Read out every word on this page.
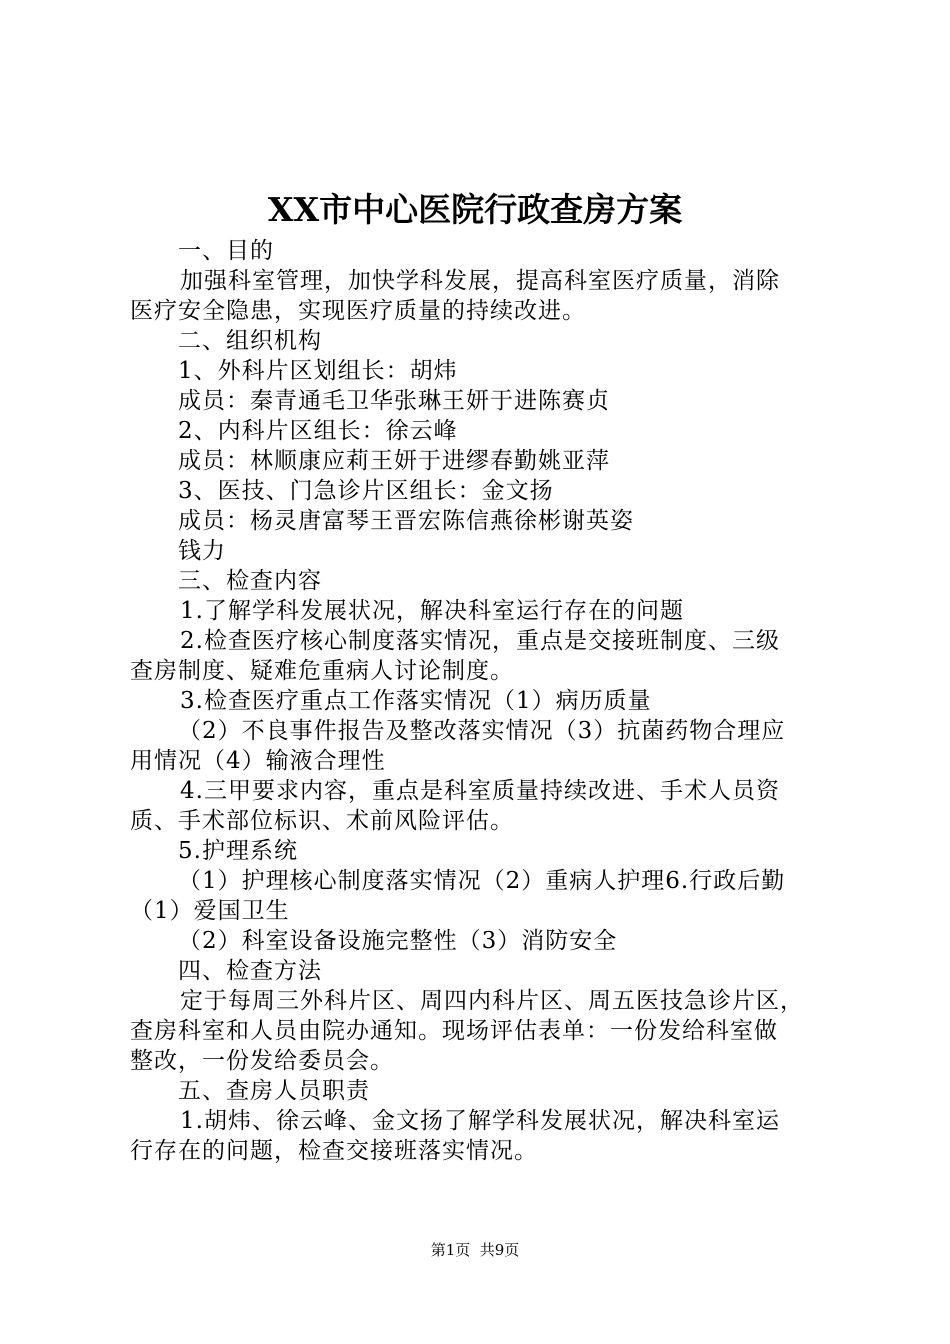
XX市中心医院行政查房方案
一、目的
加强科室管理，加快学科发展，提高科室医疗质量，消除
医疗安全隐患，实现医疗质量的持续改进。
二、组织机构
1、外科片区划组长：胡炜
成员：秦青通毛卫华张琳王妍于进陈赛贞
2、内科片区组长：徐云峰
成员：林顺康应莉王妍于进缪春勤姚亚萍
3、医技、门急诊片区组长：金文扬
成员：杨灵唐富琴王晋宏陈信燕徐彬谢英姿
钱力
三、检查内容
1.了解学科发展状况，解决科室运行存在的问题
2.检查医疗核心制度落实情况，重点是交接班制度、三级
查房制度、疑难危重病人讨论制度。
3.检查医疗重点工作落实情况（1）病历质量
（2）不良事件报告及整改落实情况（3）抗菌药物合理应
用情况（4）输液合理性
4.三甲要求内容，重点是科室质量持续改进、手术人员资
质、手术部位标识、术前风险评估。
5.护理系统
（1）护理核心制度落实情况（2）重病人护理6.行政后勤
（1）爱国卫生
（2）科室设备设施完整性（3）消防安全
四、检查方法
定于每周三外科片区、周四内科片区、周五医技急诊片区，
查房科室和人员由院办通知。现场评估表单：一份发给科室做
整改，一份发给委员会。
五、查房人员职责
1.胡炜、徐云峰、金文扬了解学科发展状况，解决科室运
行存在的问题，检查交接班落实情况。
第1页  共9页
